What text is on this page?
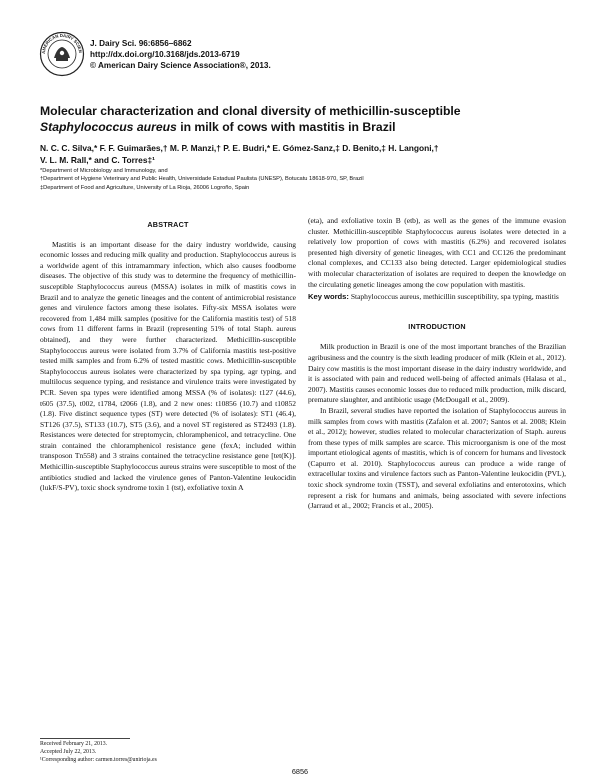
AMERICAN DAIRY SCIEN
J. Dairy Sci. 96:6856–6862
http://dx.doi.org/10.3168/jds.2013-6719
© American Dairy Science Association®, 2013.
Molecular characterization and clonal diversity of methicillin-susceptible
Staphylococcus aureus in milk of cows with mastitis in Brazil
N. C. C. Silva,* F. F. Guimarães,† M. P. Manzi,† P. E. Budri,* E. Gómez-Sanz,‡ D. Benito,‡ H. Langoni,†
V. L. M. Rall,* and C. Torres‡¹
*Department of Microbiology and Immunology, and
†Department of Hygiene Veterinary and Public Health, Universidade Estadual Paulista (UNESP), Botucatu 18618-970, SP, Brazil
‡Department of Food and Agriculture, University of La Rioja, 26006 Logroño, Spain
ABSTRACT

Mastitis is an important disease for the dairy industry worldwide, causing economic losses and reducing milk quality and production. Staphylococcus aureus is a worldwide agent of this intramammary infection, which also causes foodborne diseases. The objective of this study was to determine the frequency of methicillin-susceptible Staphylococcus aureus (MSSA) isolates in milk of mastitis cows in Brazil and to analyze the genetic lineages and the content of antimicrobial resistance genes and virulence factors among these isolates. Fifty-six MSSA isolates were recovered from 1,484 milk samples (positive for the California mastitis test) of 518 cows from 11 different farms in Brazil (representing 51% of total Staph. aureus obtained), and they were further characterized. Methicillin-susceptible Staphylococcus aureus were isolated from 3.7% of California mastitis test-positive tested milk samples and from 6.2% of tested mastitic cows. Methicillin-susceptible Staphylococcus aureus isolates were characterized by spa typing, agr typing, and multilocus sequence typing, and resistance and virulence traits were investigated by PCR. Seven spa types were identified among MSSA (% of isolates): t127 (44.6), t605 (37.5), t002, t1784, t2066 (1.8), and 2 new ones: t10856 (10.7) and t10852 (1.8). Five distinct sequence types (ST) were detected (% of isolates): ST1 (46.4), ST126 (37.5), ST133 (10.7), ST5 (3.6), and a novel ST registered as ST2493 (1.8). Resistances were detected for streptomycin, chloramphenicol, and tetracycline. One strain contained the chloramphenicol resistance gene (fexA; included within transposon Tn558) and 3 strains contained the tetracycline resistance gene [tet(K)]. Methicillin-susceptible Staphylococcus aureus strains were susceptible to most of the antibiotics studied and lacked the virulence genes of Panton-Valentine leukocidin (lukF/S-PV), toxic shock syndrome toxin 1 (tst), exfoliative toxin A

(eta), and exfoliative toxin B (etb), as well as the genes of the immune evasion cluster. Methicillin-susceptible Staphylococcus aureus isolates were detected in a relatively low proportion of cows with mastitis (6.2%) and recovered isolates presented high diversity of genetic lineages, with CC1 and CC126 the predominant clonal complexes, and CC133 also being detected. Larger epidemiological studies with molecular characterization of isolates are required to deepen the knowledge on the circulating genetic lineages among the cow population with mastitis.

Key words: Staphylococcus aureus, methicillin susceptibility, spa typing, mastitis
INTRODUCTION

Milk production in Brazil is one of the most important branches of the Brazilian agribusiness and the country is the sixth leading producer of milk (Klein et al., 2012). Dairy cow mastitis is the most important disease in the dairy industry worldwide, and it is associated with pain and reduced well-being of affected animals (Halasa et al., 2007). Mastitis causes economic losses due to reduced milk production, milk discard, premature slaughter, and antibiotic usage (McDougall et al., 2009).

In Brazil, several studies have reported the isolation of Staphylococcus aureus in milk samples from cows with mastitis (Zafalon et al. 2007; Santos et al. 2008; Klein et al., 2012); however, studies related to molecular characterization of Staph. aureus from these types of milk samples are scarce. This microorganism is one of the most important etiological agents of mastitis, which is of concern for humans and livestock (Capurro et al. 2010). Staphylococcus aureus can produce a wide range of extracellular toxins and virulence factors such as Panton-Valentine leukocidin (PVL), toxic shock syndrome toxin (TSST), and several exfoliatins and enterotoxins, which represent a risk for humans and animals, being associated with severe infections (Jarraud et al., 2002; Francis et al., 2005).

Received February 21, 2013.
Accepted July 22, 2013.
¹Corresponding author: carmen.torres@unirioja.es
6856
